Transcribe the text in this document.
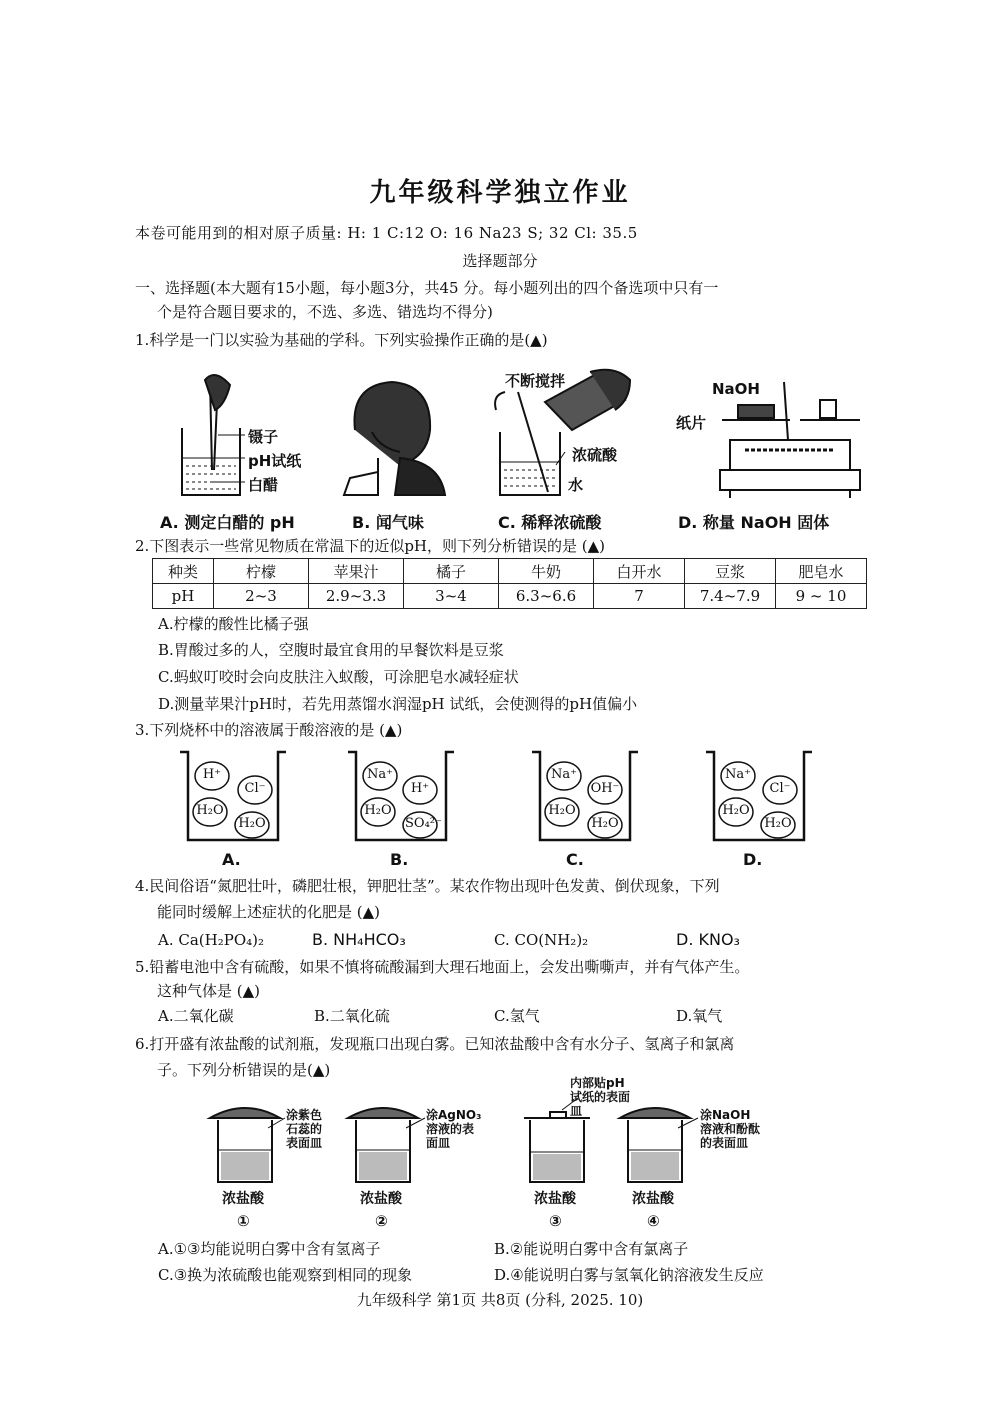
九年级科学独立作业
本卷可能用到的相对原子质量: H: 1 C:12 O: 16 Na23 S; 32 Cl: 35.5
选择题部分
一、选择题(本大题有15小题，每小题3分，共45 分。每小题列出的四个备选项中只有一
个是符合题目要求的，不选、多选、错选均不得分)
1.科学是一门以实验为基础的学科。下列实验操作正确的是(▲)
镊子
pH试纸
白醋
不断搅拌
浓硫酸
水
NaOH
纸片
A. 测定白醋的 pH	B. 闻气味	C. 稀释浓硫酸	D. 称量 NaOH 固体
2.下图表示一些常见物质在常温下的近似pH，则下列分析错误的是 (▲)
种类	柠檬	苹果汁	橘子	牛奶	白开水	豆浆	肥皂水
pH	2~3	2.9~3.3	3~4	6.3~6.6	7	7.4~7.9	9 ~ 10
A.柠檬的酸性比橘子强
B.胃酸过多的人，空腹时最宜食用的早餐饮料是豆浆
C.蚂蚁叮咬时会向皮肤注入蚁酸，可涂肥皂水减轻症状
D.测量苹果汁pH时，若先用蒸馏水润湿pH 试纸，会使测得的pH值偏小
3.下列烧杯中的溶液属于酸溶液的是 (▲)
H⁺
Cl⁻
H₂O
H₂O
Na⁺
H⁺
H₂O
SO₄²⁻
Na⁺
OH⁻
H₂O
H₂O
Na⁺
Cl⁻
H₂O
H₂O
A.	B.	C.	D.
4.民间俗语“氮肥壮叶，磷肥壮根，钾肥壮茎”。某农作物出现叶色发黄、倒伏现象，下列
能同时缓解上述症状的化肥是 (▲)
A. Ca(H₂PO₄)₂	B. NH₄HCO₃	C. CO(NH₂)₂	D. KNO₃
5.铅蓄电池中含有硫酸，如果不慎将硫酸漏到大理石地面上，会发出嘶嘶声，并有气体产生。
这种气体是 (▲)
A.二氧化碳	B.二氧化硫	C.氢气	D.氧气
6.打开盛有浓盐酸的试剂瓶，发现瓶口出现白雾。已知浓盐酸中含有水分子、氢离子和氯离
子。下列分析错误的是(▲)
涂紫色石蕊的表面皿
涂AgNO₃溶液的表面皿
内部贴pH试纸的表面皿	涂NaOH溶液和酚酞的表面皿
浓盐酸	浓盐酸	浓盐酸	浓盐酸
①	②	③	④
A.①③均能说明白雾中含有氢离子	B.②能说明白雾中含有氯离子
C.③换为浓硫酸也能观察到相同的现象	D.④能说明白雾与氢氧化钠溶液发生反应
九年级科学 第1页 共8页 (分科, 2025. 10)
